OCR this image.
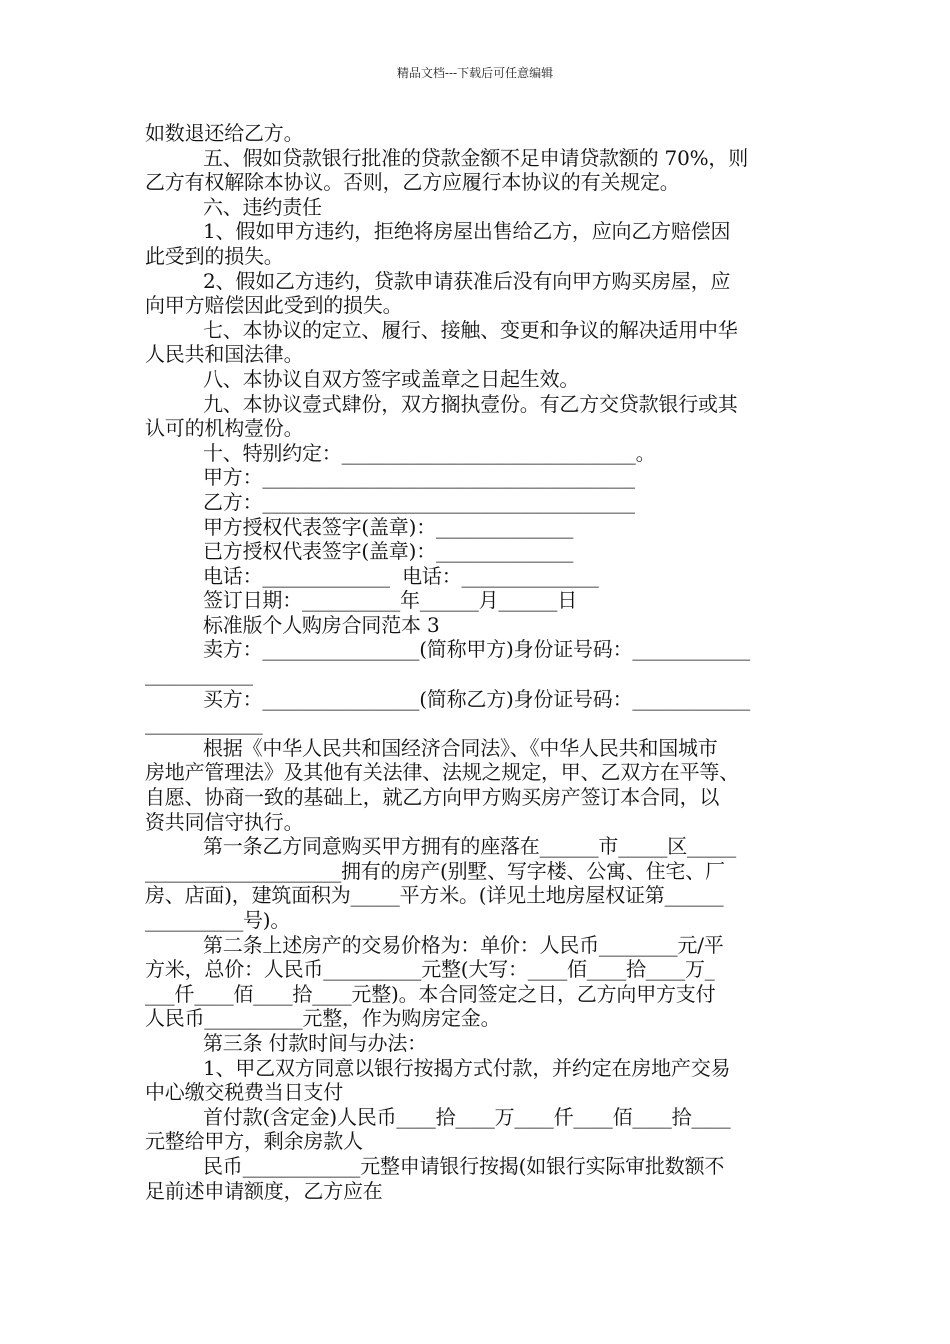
精品文档---下载后可任意编辑

如数退还给乙方。

五、假如贷款银行批准的贷款金额不足申请贷款额的 70%，则

乙方有权解除本协议。否则，乙方应履行本协议的有关规定。

六、违约责任

1、假如甲方违约，拒绝将房屋出售给乙方，应向乙方赔偿因

此受到的损失。

2、假如乙方违约，贷款申请获准后没有向甲方购买房屋，应

向甲方赔偿因此受到的损失。

七、本协议的定立、履行、接触、变更和争议的解决适用中华

人民共和国法律。

八、本协议自双方签字或盖章之日起生效。

九、本协议壹式肆份，双方搁执壹份。有乙方交贷款银行或其

认可的机构壹份。

十、特别约定：______________________________。

甲方：______________________________________

乙方：______________________________________

甲方授权代表签字(盖章)：______________

已方授权代表签字(盖章)：______________

电话：_____________  电话：______________

签订日期：__________年______月______日

标准版个人购房合同范本 3

卖方：________________(简称甲方)身份证号码：____________

___________

买方：________________(简称乙方)身份证号码：____________

____________

根据《中华人民共和国经济合同法》、《中华人民共和国城市

房地产管理法》及其他有关法律、法规之规定，甲、乙双方在平等、

自愿、协商一致的基础上，就乙方向甲方购买房产签订本合同，以

资共同信守执行。

第一条乙方同意购买甲方拥有的座落在______市_____区_____

____________________拥有的房产(别墅、写字楼、公寓、住宅、厂

房、店面)，建筑面积为_____平方米。(详见土地房屋权证第______

__________号)。

第二条上述房产的交易价格为：单价：人民币________元/平

方米，总价：人民币__________元整(大写：____佰____拾____万_

___仟____佰____拾____元整)。本合同签定之日，乙方向甲方支付

人民币__________元整，作为购房定金。

第三条 付款时间与办法：

1、甲乙双方同意以银行按揭方式付款，并约定在房地产交易

中心缴交税费当日支付

首付款(含定金)人民币____拾____万____仟____佰____拾____

元整给甲方，剩余房款人

民币____________元整申请银行按揭(如银行实际审批数额不

足前述申请额度，乙方应在
